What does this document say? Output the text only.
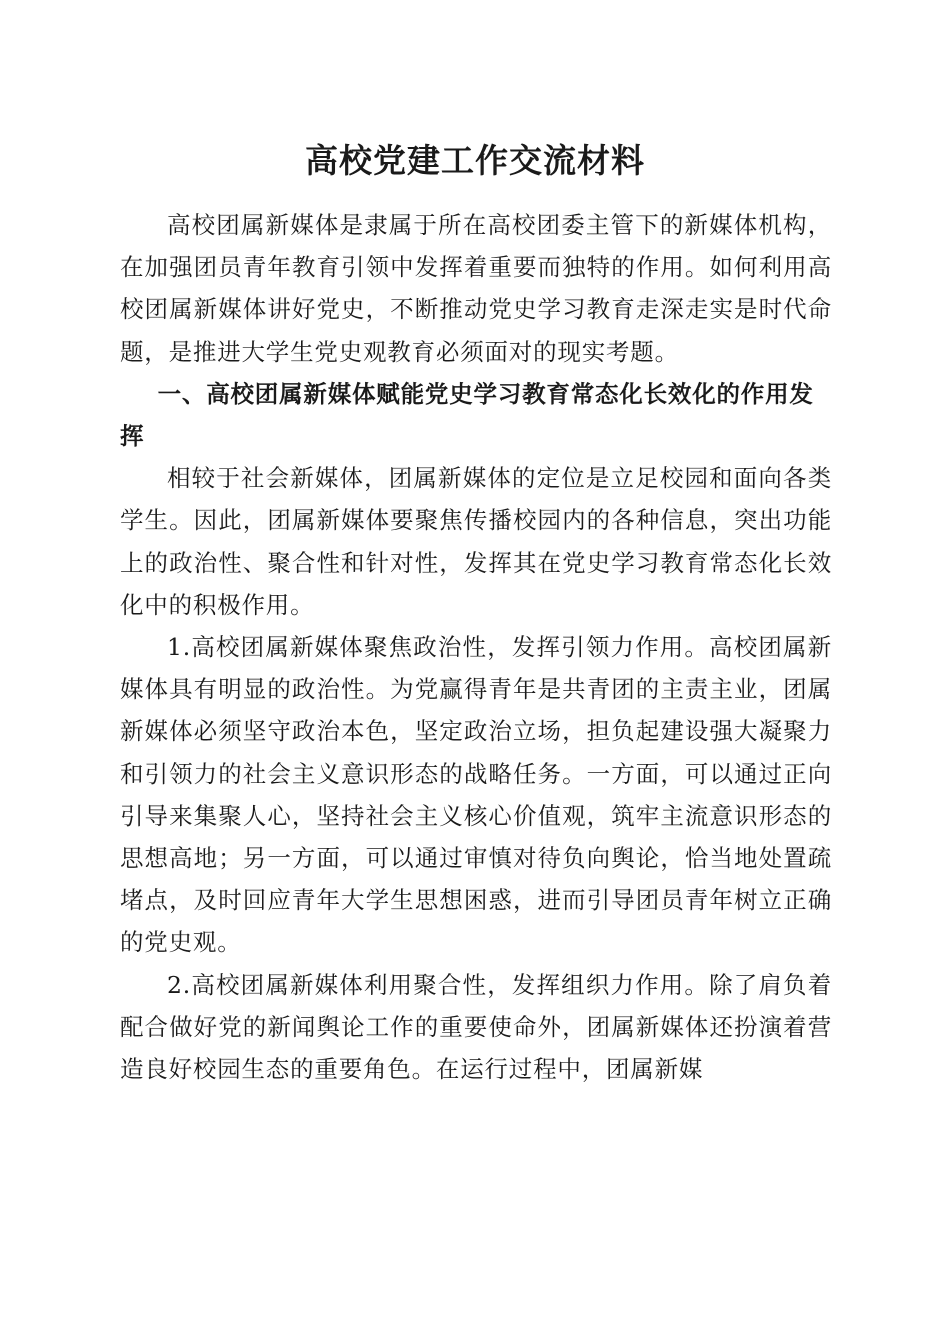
高校党建工作交流材料

高校团属新媒体是隶属于所在高校团委主管下的新媒体机构，在加强团员青年教育引领中发挥着重要而独特的作用。如何利用高校团属新媒体讲好党史，不断推动党史学习教育走深走实是时代命题，是推进大学生党史观教育必须面对的现实考题。

一、高校团属新媒体赋能党史学习教育常态化长效化的作用发挥

相较于社会新媒体，团属新媒体的定位是立足校园和面向各类学生。因此，团属新媒体要聚焦传播校园内的各种信息，突出功能上的政治性、聚合性和针对性，发挥其在党史学习教育常态化长效化中的积极作用。

1.高校团属新媒体聚焦政治性，发挥引领力作用。高校团属新媒体具有明显的政治性。为党赢得青年是共青团的主责主业，团属新媒体必须坚守政治本色，坚定政治立场，担负起建设强大凝聚力和引领力的社会主义意识形态的战略任务。一方面，可以通过正向引导来集聚人心，坚持社会主义核心价值观，筑牢主流意识形态的思想高地；另一方面，可以通过审慎对待负向舆论，恰当地处置疏堵点，及时回应青年大学生思想困惑，进而引导团员青年树立正确的党史观。

2.高校团属新媒体利用聚合性，发挥组织力作用。除了肩负着配合做好党的新闻舆论工作的重要使命外，团属新媒体还扮演着营造良好校园生态的重要角色。在运行过程中，团属新媒
